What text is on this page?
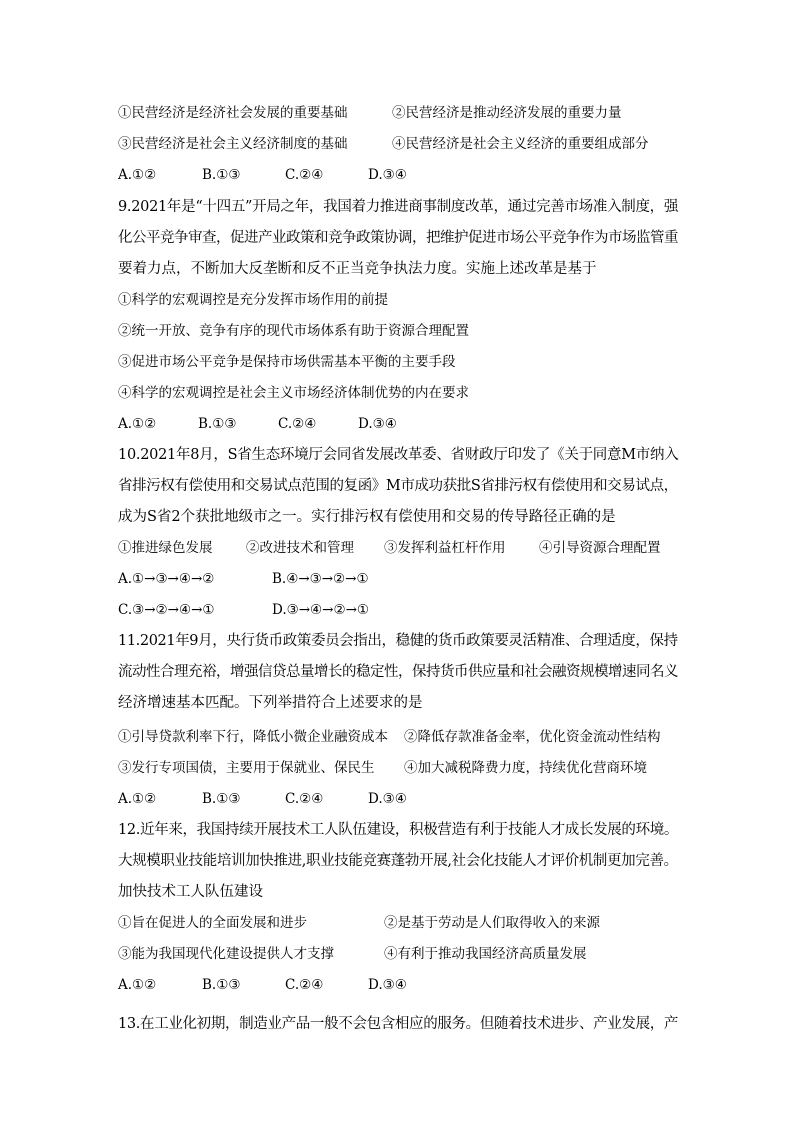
①民营经济是经济社会发展的重要基础	②民营经济是推动经济发展的重要力量
③民营经济是社会主义经济制度的基础	④民营经济是社会主义经济的重要组成部分
A.①②	B.①③	C.②④	D.③④
9.2021年是“十四五”开局之年，我国着力推进商事制度改革，通过完善市场准入制度，强
化公平竞争审查，促进产业政策和竞争政策协调，把维护促进市场公平竞争作为市场监管重
要着力点，不断加大反垄断和反不正当竞争执法力度。实施上述改革是基于
①科学的宏观调控是充分发挥市场作用的前提
②统一开放、竞争有序的现代市场体系有助于资源合理配置
③促进市场公平竞争是保持市场供需基本平衡的主要手段
④科学的宏观调控是社会主义市场经济体制优势的内在要求
A.①②	B.①③	C.②④	D.③④
10.2021年8月，S省生态环境厅会同省发展改革委、省财政厅印发了《关于同意M市纳入
省排污权有偿使用和交易试点范围的复函》M市成功获批S省排污权有偿使用和交易试点，
成为S省2个获批地级市之一。实行排污权有偿使用和交易的传导路径正确的是
①推进绿色发展 ②改进技术和管理 ③发挥利益杠杆作用 ④引导资源合理配置
A.①→③→④→②	B.④→③→②→①
C.③→②→④→①	D.③→④→②→①
11.2021年9月，央行货币政策委员会指出，稳健的货币政策要灵活精准、合理适度，保持
流动性合理充裕，增强信贷总量增长的稳定性，保持货币供应量和社会融资规模增速同名义
经济增速基本匹配。下列举措符合上述要求的是
①引导贷款利率下行，降低小微企业融资成本 ②降低存款准备金率，优化资金流动性结构
③发行专项国债，主要用于保就业、保民生 ④加大减税降费力度，持续优化营商环境
A.①②	B.①③	C.②④	D.③④
12.近年来，我国持续开展技术工人队伍建设，积极营造有利于技能人才成长发展的环境。
大规模职业技能培训加快推进,职业技能竞赛蓬勃开展,社会化技能人才评价机制更加完善。
加快技术工人队伍建设
①旨在促进人的全面发展和进步	②是基于劳动是人们取得收入的来源
③能为我国现代化建设提供人才支撑	④有利于推动我国经济高质量发展
A.①②	B.①③	C.②④	D.③④
13.在工业化初期，制造业产品一般不会包含相应的服务。但随着技术进步、产业发展，产
